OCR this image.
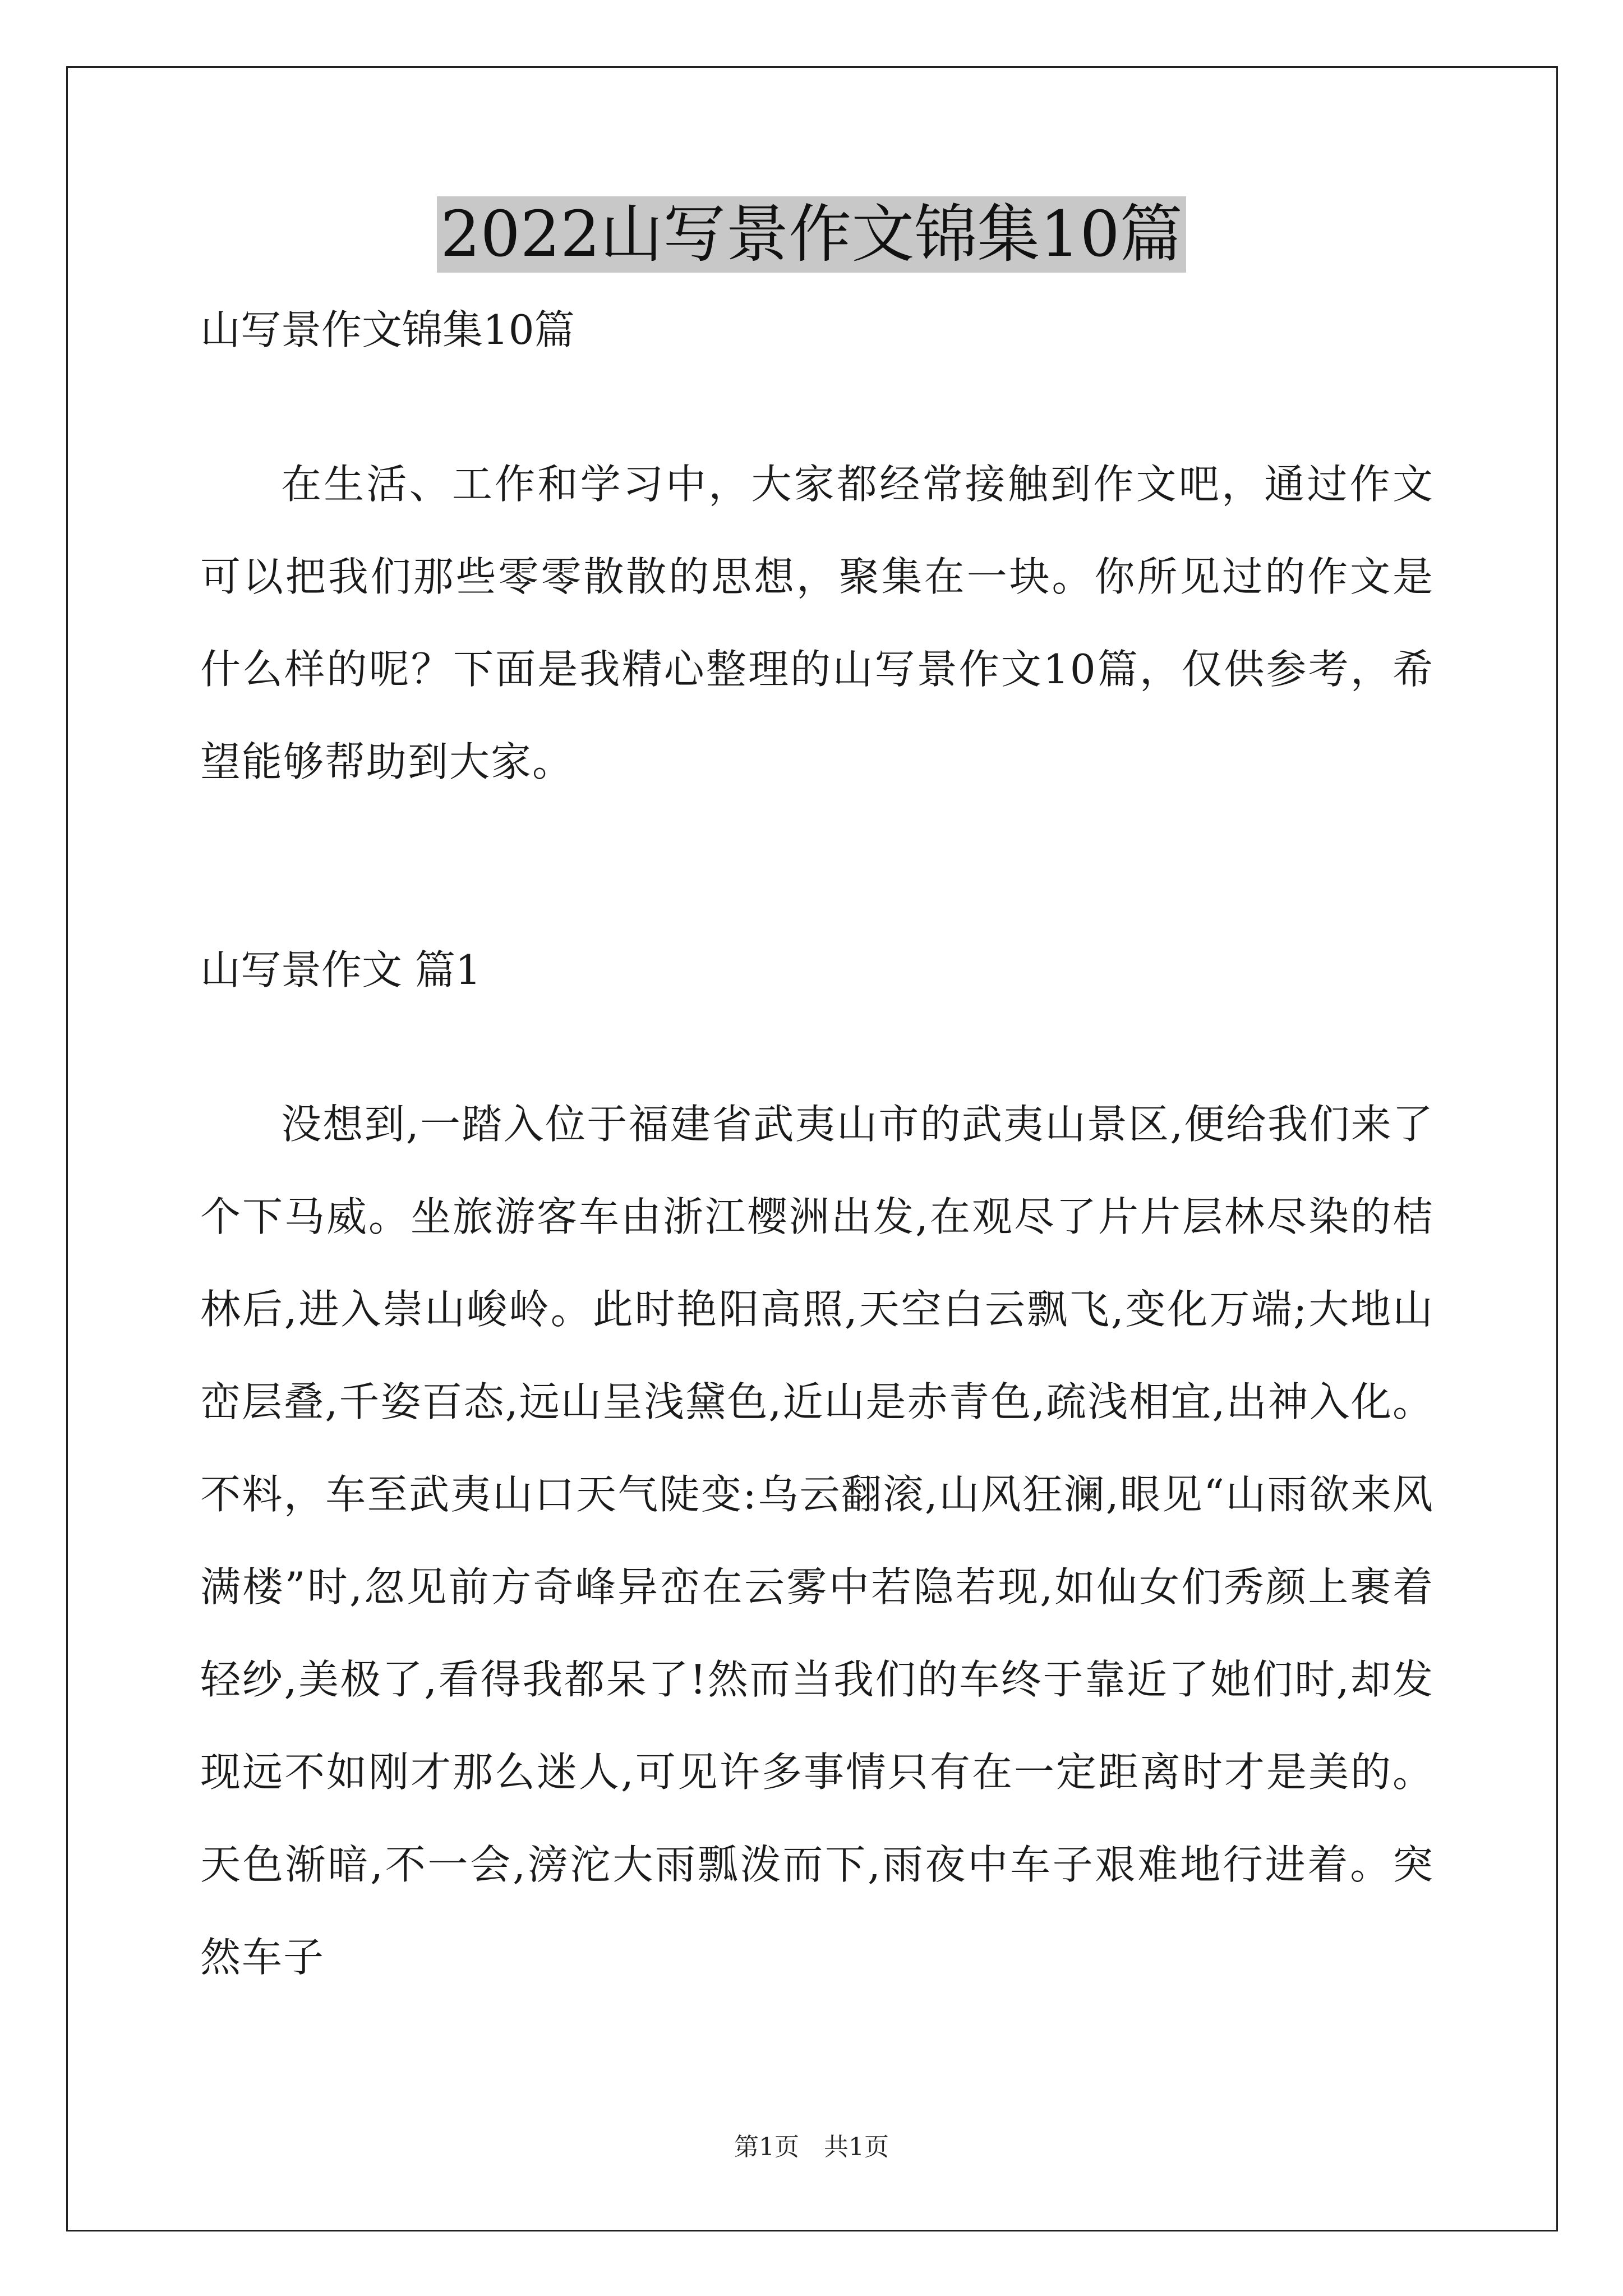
2022山写景作文锦集10篇

山写景作文锦集10篇

在生活、工作和学习中，大家都经常接触到作文吧，通过作文可以把我们那些零零散散的思想，聚集在一块。你所见过的作文是什么样的呢？下面是我精心整理的山写景作文10篇，仅供参考，希望能够帮助到大家。

山写景作文 篇1

没想到,一踏入位于福建省武夷山市的武夷山景区,便给我们来了个下马威。坐旅游客车由浙江樱洲出发,在观尽了片片层林尽染的桔林后,进入崇山峻岭。此时艳阳高照,天空白云飘飞,变化万端;大地山峦层叠,千姿百态,远山呈浅黛色,近山是赤青色,疏浅相宜,出神入化。不料，车至武夷山口天气陡变:乌云翻滚,山风狂澜,眼见“山雨欲来风满楼”时,忽见前方奇峰异峦在云雾中若隐若现,如仙女们秀颜上裹着轻纱,美极了,看得我都呆了!然而当我们的车终于靠近了她们时,却发现远不如刚才那么迷人,可见许多事情只有在一定距离时才是美的。天色渐暗,不一会,滂沱大雨瓢泼而下,雨夜中车子艰难地行进着。突然车子

第1页　共1页
